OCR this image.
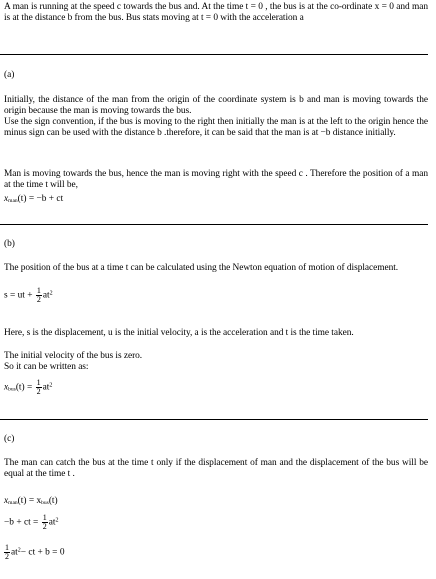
A man is running at the speed c towards the bus and. At the time t = 0 , the bus is at the co-ordinate x = 0 and man is at the distance b from the bus. Bus stats moving at t = 0 with the acceleration a

(a)

Initially, the distance of the man from the origin of the coordinate system is b and man is moving towards the origin because the man is moving towards the bus.

Use the sign convention, if the bus is moving to the right then initially the man is at the left to the origin hence the minus sign can be used with the distance b .therefore, it can be said that the man is at −b distance initially.

Man is moving towards the bus, hence the man is moving right with the speed c . Therefore the position of a man at the time t will be,

$x_{man}(t) = -b$ + ct
(b)

The position of the bus at a time t can be calculated using the Newton equation of motion of displacement.

s = ut + $\frac{1}{2} at^2$

Here, s is the displacement, u is the initial velocity, a is the acceleration and t is the time taken.

The initial velocity of the bus is zero.

So it can be written as:

$x_{bus}(t) = \frac{1}{2} at^2$
(c)

The man can catch the bus at the time t only if the displacement of man and the displacement of the bus will be equal at the time t .

$x_{man}(t) = x_{bus}(t)$
−b + ct = $\frac{1}{2} at^2$
$\frac{1}{2} at^2-$ ct + b = 0
